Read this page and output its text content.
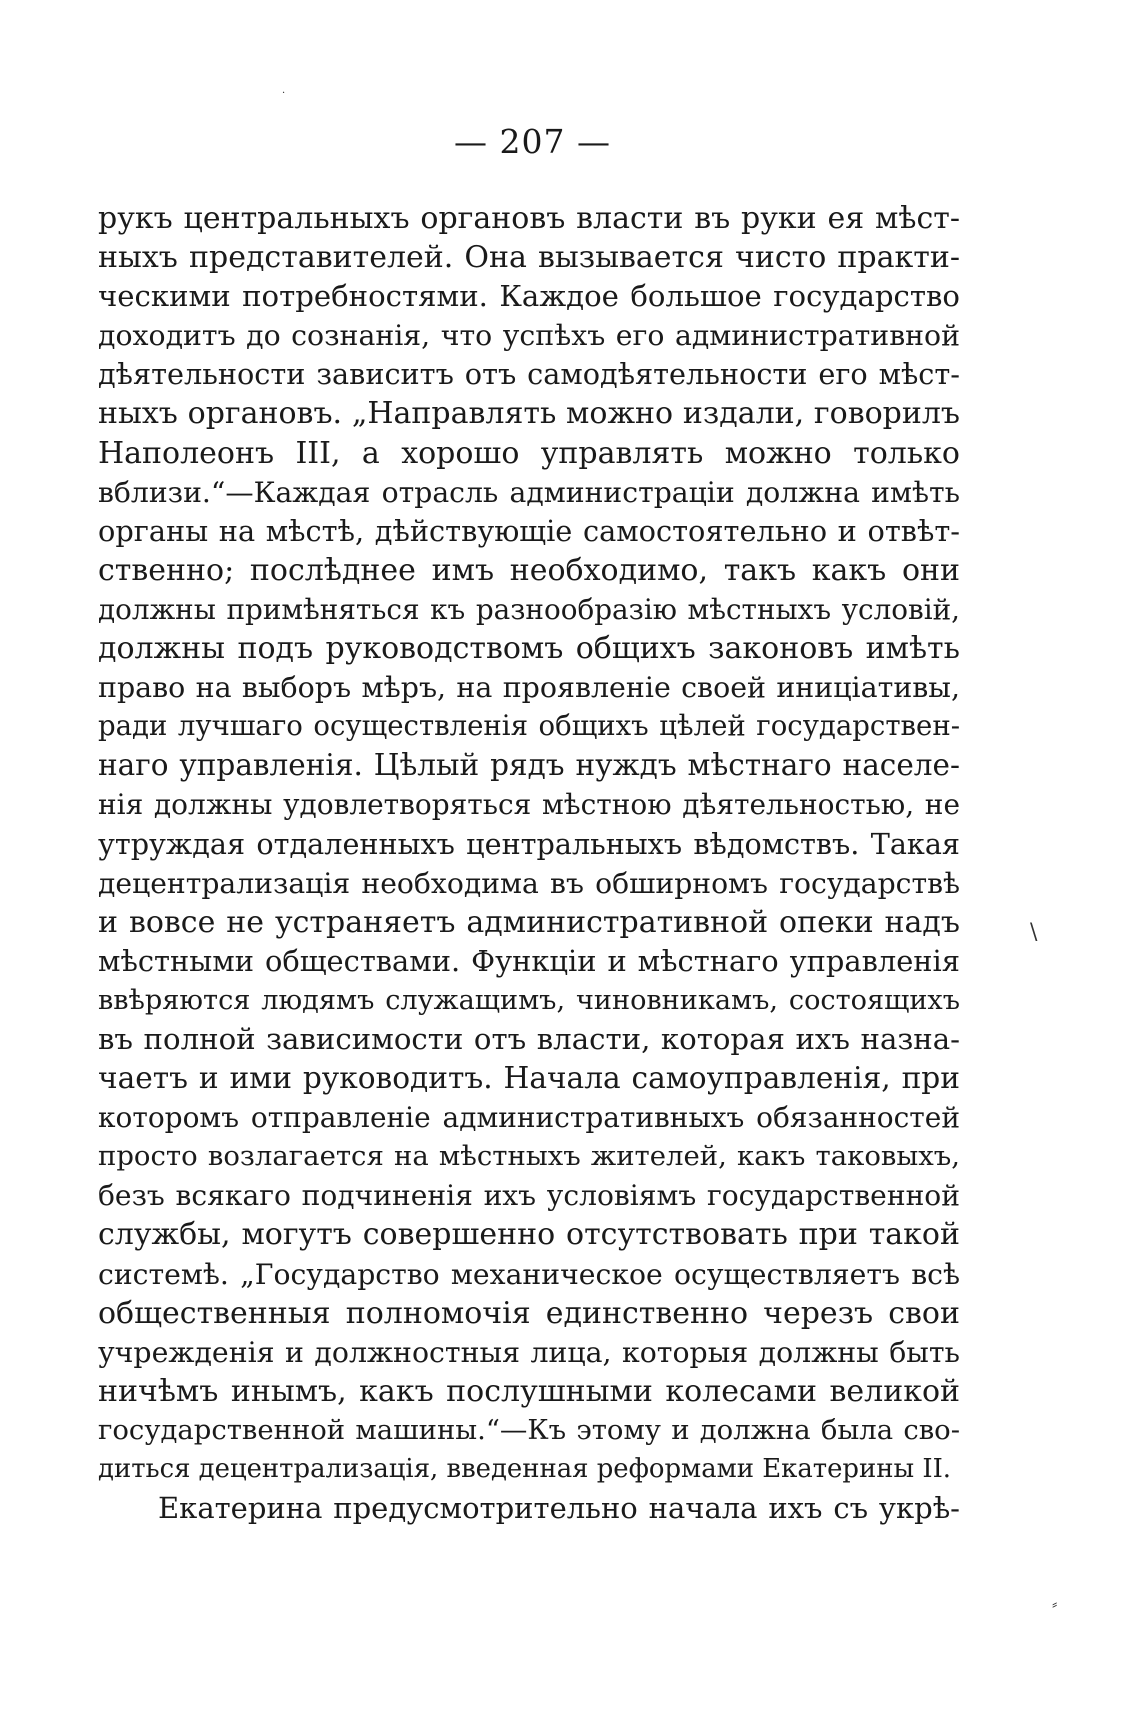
— 207 —
рукъ центральныхъ органовъ власти въ руки ея мѣст-
ныхъ представителей. Она вызывается чисто практи-
ческими потребностями. Каждое большое государство
доходитъ до сознанія, что успѣхъ его административной
дѣятельности зависитъ отъ самодѣятельности его мѣст-
ныхъ органовъ. „Направлять можно издали, говорилъ
Наполеонъ III, а хорошо управлять можно только
вблизи.“—Каждая отрасль администраціи должна имѣть
органы на мѣстѣ, дѣйствующіе самостоятельно и отвѣт-
ственно; послѣднее имъ необходимо, такъ какъ они
должны примѣняться къ разнообразію мѣстныхъ условій,
должны подъ руководствомъ общихъ законовъ имѣть
право на выборъ мѣръ, на проявленіе своей иниціативы,
ради лучшаго осуществленія общихъ цѣлей государствен-
наго управленія. Цѣлый рядъ нуждъ мѣстнаго населе-
нія должны удовлетворяться мѣстною дѣятельностью, не
утруждая отдаленныхъ центральныхъ вѣдомствъ. Такая
децентрализація необходима въ обширномъ государствѣ
и вовсе не устраняетъ административной опеки надъ
мѣстными обществами. Функціи и мѣстнаго управленія
ввѣряются людямъ служащимъ, чиновникамъ, состоящихъ
въ полной зависимости отъ власти, которая ихъ назна-
чаетъ и ими руководитъ. Начала самоуправленія, при
которомъ отправленіе административныхъ обязанностей
просто возлагается на мѣстныхъ жителей, какъ таковыхъ,
безъ всякаго подчиненія ихъ условіямъ государственной
службы, могутъ совершенно отсутствовать при такой
системѣ. „Государство механическое осуществляетъ всѣ
общественныя полномочія единственно черезъ свои
учрежденія и должностныя лица, которыя должны быть
ничѣмъ инымъ, какъ послушными колесами великой
государственной машины.“—Къ этому и должна была сво-
диться децентрализація, введенная реформами Екатерины II.
Екатерина предусмотрительно начала ихъ съ укрѣ-
\
⸗
·
